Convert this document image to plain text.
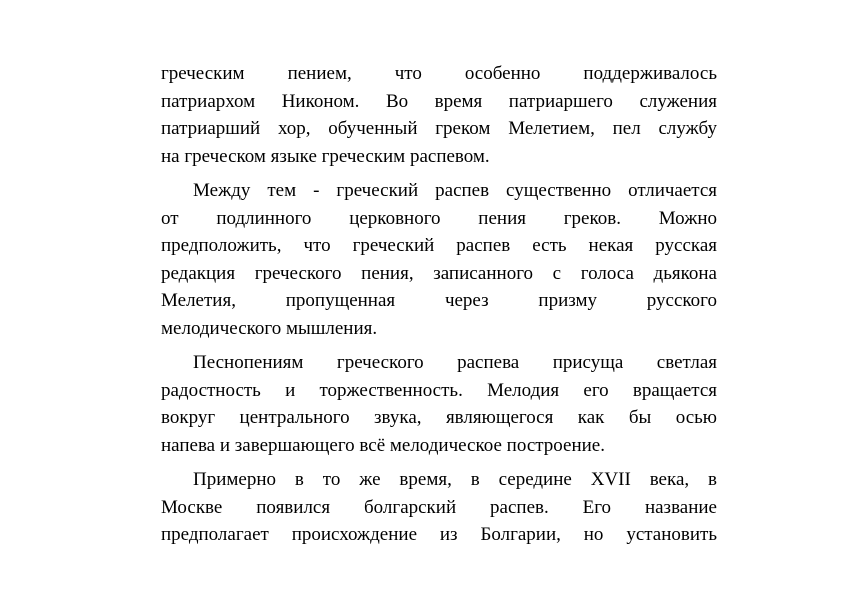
греческим пением, что особенно поддерживалось
патриархом Никоном. Во время патриаршего служения
патриарший хор, обученный греком Мелетием, пел службу
на греческом языке греческим распевом.
Между тем - греческий распев существенно отличается
от подлинного церковного пения греков. Можно
предположить, что греческий распев есть некая русская
редакция греческого пения, записанного с голоса дьякона
Мелетия, пропущенная через призму русского
мелодического мышления.
Песнопениям греческого распева присуща светлая
радостность и торжественность. Мелодия его вращается
вокруг центрального звука, являющегося как бы осью
напева и завершающего всё мелодическое построение.
Примерно в то же время, в середине XVII века, в
Москве появился болгарский распев. Его название
предполагает происхождение из Болгарии, но установить
